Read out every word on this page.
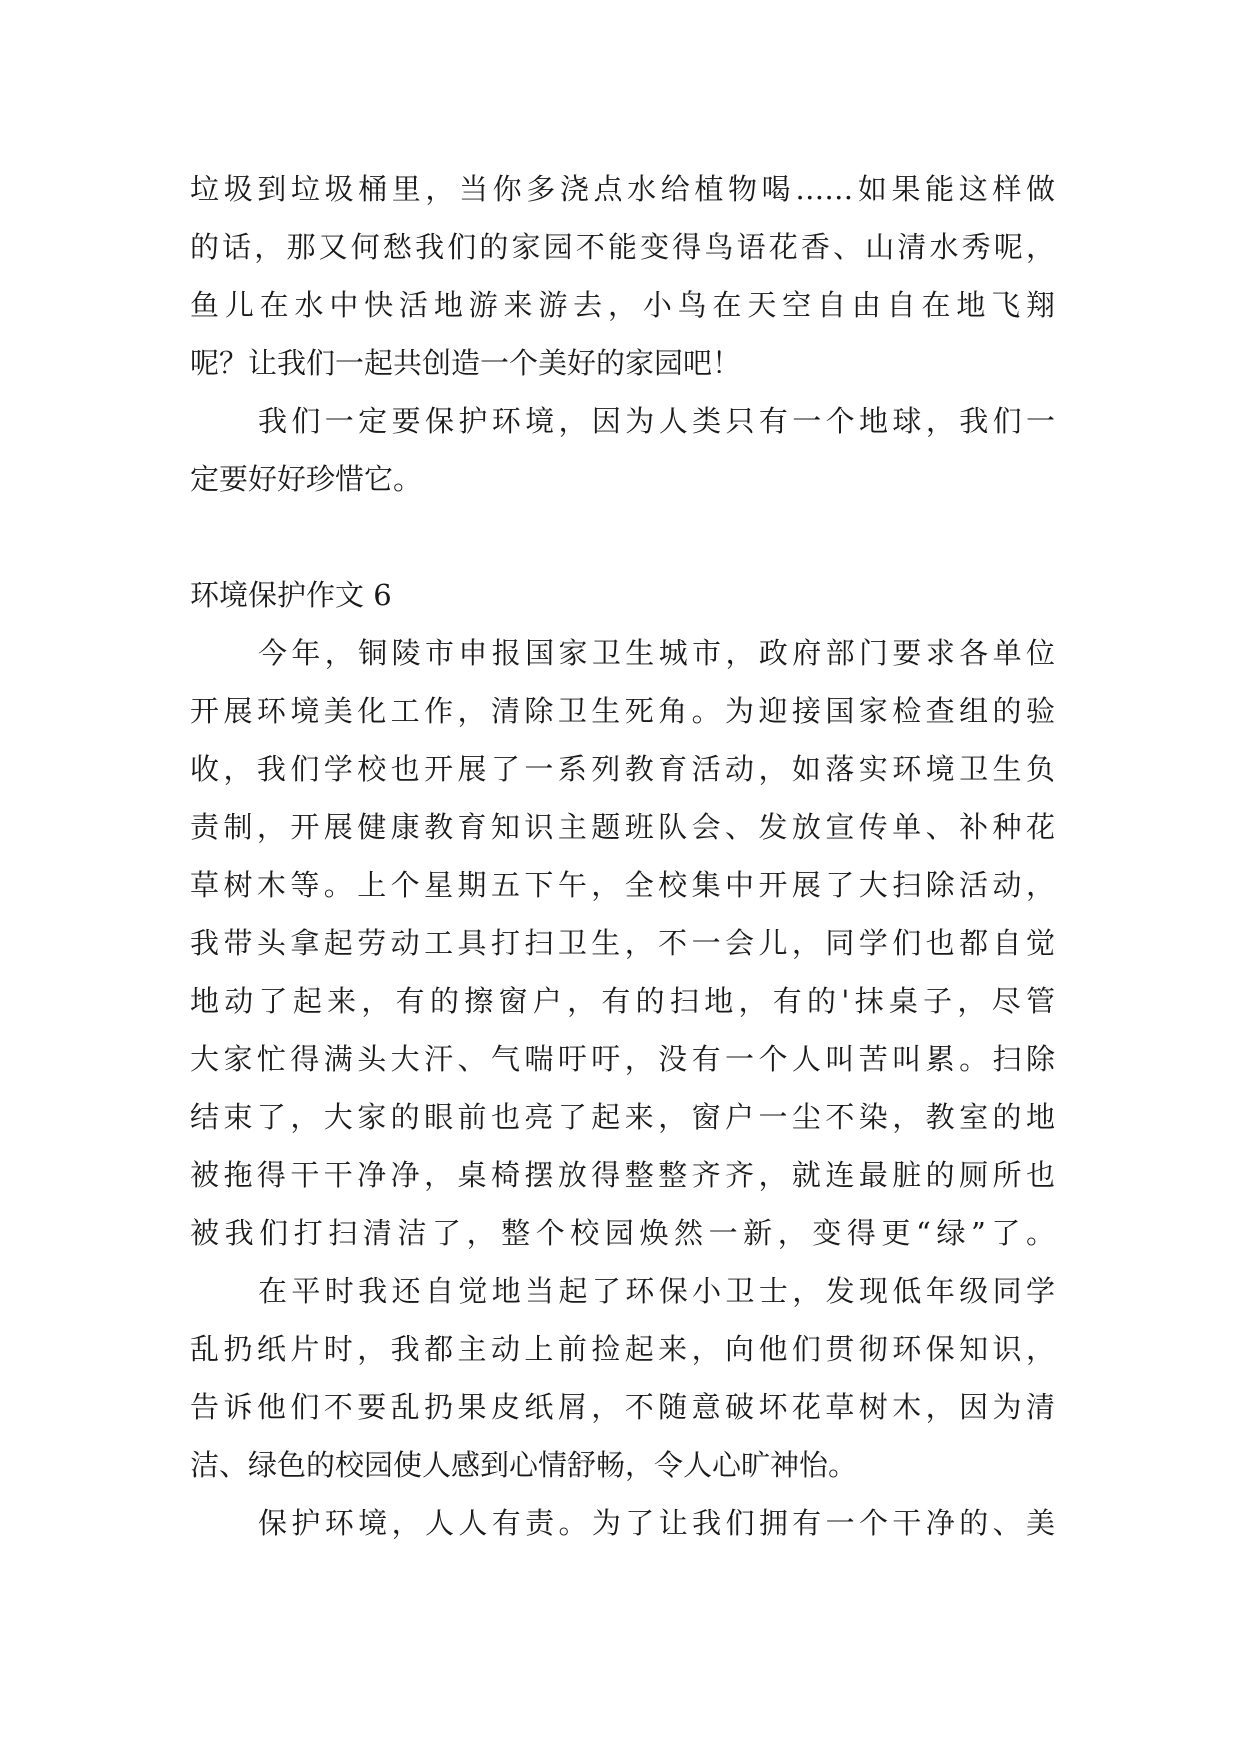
垃圾到垃圾桶里，当你多浇点水给植物喝……如果能这样做
的话，那又何愁我们的家园不能变得鸟语花香、山清水秀呢，
鱼儿在水中快活地游来游去，小鸟在天空自由自在地飞翔
呢？让我们一起共创造一个美好的家园吧！
我们一定要保护环境，因为人类只有一个地球，我们一
定要好好珍惜它。
环境保护作文 6
今年，铜陵市申报国家卫生城市，政府部门要求各单位
开展环境美化工作，清除卫生死角。为迎接国家检查组的验
收，我们学校也开展了一系列教育活动，如落实环境卫生负
责制，开展健康教育知识主题班队会、发放宣传单、补种花
草树木等。上个星期五下午，全校集中开展了大扫除活动，
我带头拿起劳动工具打扫卫生，不一会儿，同学们也都自觉
地动了起来，有的擦窗户，有的扫地，有的'抹桌子，尽管
大家忙得满头大汗、气喘吁吁，没有一个人叫苦叫累。扫除
结束了，大家的眼前也亮了起来，窗户一尘不染，教室的地
被拖得干干净净，桌椅摆放得整整齐齐，就连最脏的厕所也
被我们打扫清洁了，整个校园焕然一新，变得更“绿”了。
在平时我还自觉地当起了环保小卫士，发现低年级同学
乱扔纸片时，我都主动上前捡起来，向他们贯彻环保知识，
告诉他们不要乱扔果皮纸屑，不随意破坏花草树木，因为清
洁、绿色的校园使人感到心情舒畅，令人心旷神怡。
保护环境，人人有责。为了让我们拥有一个干净的、美
